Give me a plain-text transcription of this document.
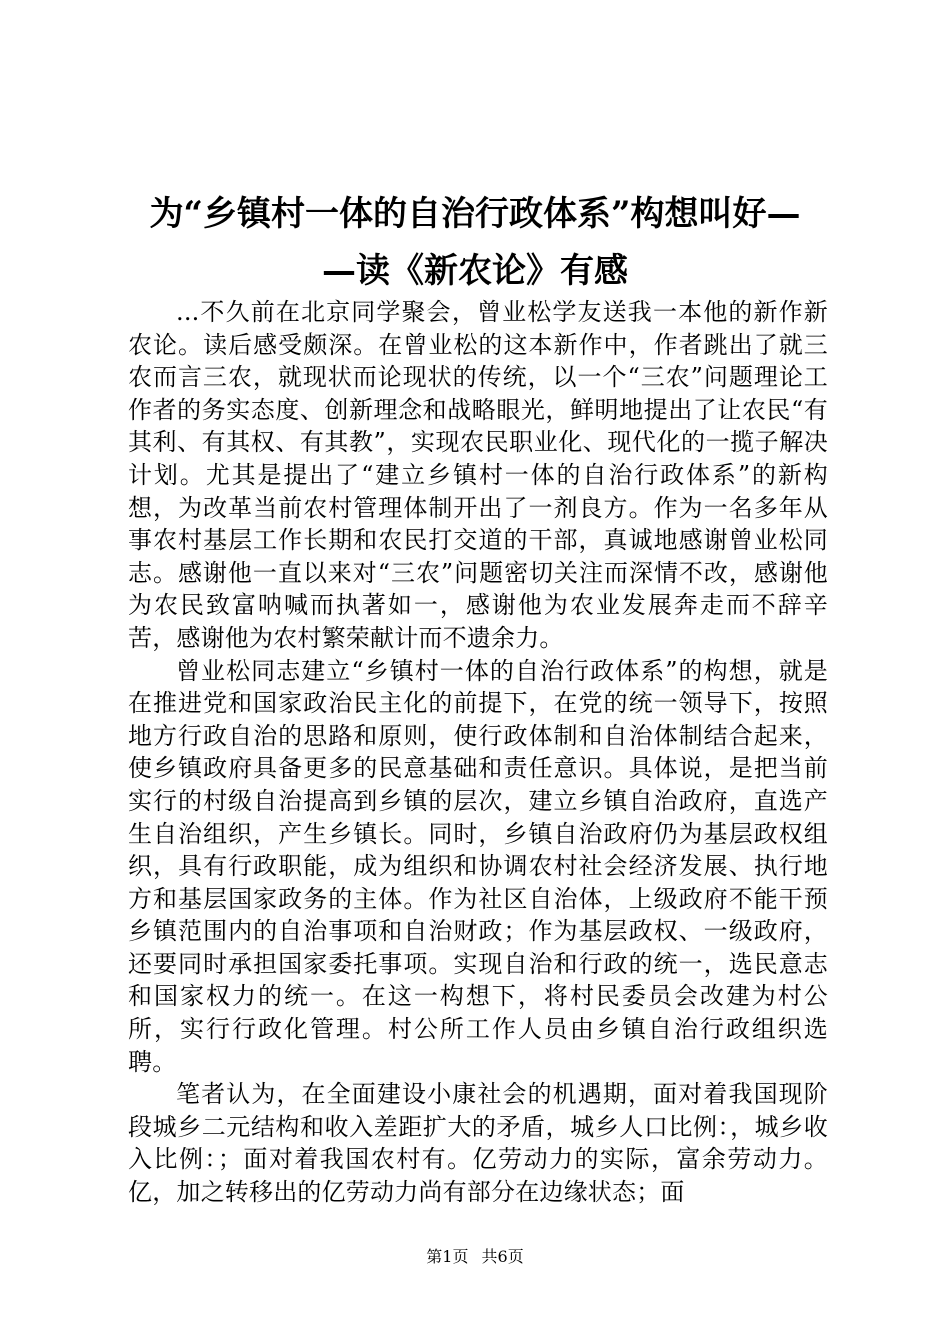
为“乡镇村一体的自治行政体系”构想叫好—
—读《新农论》有感

...不久前在北京同学聚会，曾业松学友送我一本他的新作新农论。读后感受颇深。在曾业松的这本新作中，作者跳出了就三农而言三农，就现状而论现状的传统，以一个“三农”问题理论工作者的务实态度、创新理念和战略眼光，鲜明地提出了让农民“有其利、有其权、有其教”，实现农民职业化、现代化的一揽子解决计划。尤其是提出了“建立乡镇村一体的自治行政体系”的新构想，为改革当前农村管理体制开出了一剂良方。作为一名多年从事农村基层工作长期和农民打交道的干部，真诚地感谢曾业松同志。感谢他一直以来对“三农”问题密切关注而深情不改，感谢他为农民致富呐喊而执著如一，感谢他为农业发展奔走而不辞辛苦，感谢他为农村繁荣献计而不遗余力。

曾业松同志建立“乡镇村一体的自治行政体系”的构想，就是在推进党和国家政治民主化的前提下，在党的统一领导下，按照地方行政自治的思路和原则，使行政体制和自治体制结合起来，使乡镇政府具备更多的民意基础和责任意识。具体说，是把当前实行的村级自治提高到乡镇的层次，建立乡镇自治政府，直选产生自治组织，产生乡镇长。同时，乡镇自治政府仍为基层政权组织，具有行政职能，成为组织和协调农村社会经济发展、执行地方和基层国家政务的主体。作为社区自治体，上级政府不能干预乡镇范围内的自治事项和自治财政；作为基层政权、一级政府，还要同时承担国家委托事项。实现自治和行政的统一，选民意志和国家权力的统一。在这一构想下，将村民委员会改建为村公所，实行行政化管理。村公所工作人员由乡镇自治行政组织选聘。

笔者认为，在全面建设小康社会的机遇期，面对着我国现阶段城乡二元结构和收入差距扩大的矛盾，城乡人口比例：，城乡收入比例：；面对着我国农村有。亿劳动力的实际，富余劳动力。亿，加之转移出的亿劳动力尚有部分在边缘状态；面

第1页 共6页
